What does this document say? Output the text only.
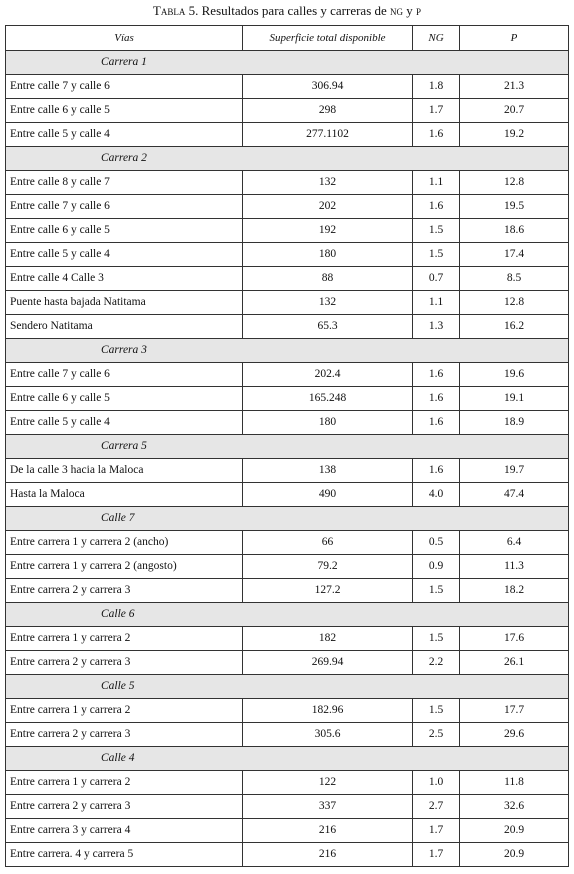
Tabla 5. Resultados para calles y carreras de ng y p
Vías	Superficie total disponible	NG	P
Carrera 1			
Entre calle 7 y calle 6	306.94	1.8	21.3
Entre calle 6 y calle 5	298	1.7	20.7
Entre calle 5 y calle 4	277.1102	1.6	19.2
Carrera 2			
Entre calle 8 y calle 7	132	1.1	12.8
Entre calle 7 y calle 6	202	1.6	19.5
Entre calle 6 y calle 5	192	1.5	18.6
Entre calle 5 y calle 4	180	1.5	17.4
Entre calle 4 Calle 3	88	0.7	8.5
Puente hasta bajada Natitama	132	1.1	12.8
Sendero Natitama	65.3	1.3	16.2
Carrera 3			
Entre calle 7 y calle 6	202.4	1.6	19.6
Entre calle 6 y calle 5	165.248	1.6	19.1
Entre calle 5 y calle 4	180	1.6	18.9
Carrera 5			
De la calle 3 hacia la Maloca	138	1.6	19.7
Hasta la Maloca	490	4.0	47.4
Calle 7			
Entre carrera 1 y carrera 2 (ancho)	66	0.5	6.4
Entre carrera 1 y carrera 2 (angosto)	79.2	0.9	11.3
Entre carrera 2 y carrera 3	127.2	1.5	18.2
Calle 6			
Entre carrera 1 y carrera 2	182	1.5	17.6
Entre carrera 2 y carrera 3	269.94	2.2	26.1
Calle 5			
Entre carrera 1 y carrera 2	182.96	1.5	17.7
Entre carrera 2 y carrera 3	305.6	2.5	29.6
Calle 4			
Entre carrera 1 y carrera 2	122	1.0	11.8
Entre carrera 2 y carrera 3	337	2.7	32.6
Entre carrera 3 y carrera 4	216	1.7	20.9
Entre carrera. 4 y carrera 5	216	1.7	20.9
